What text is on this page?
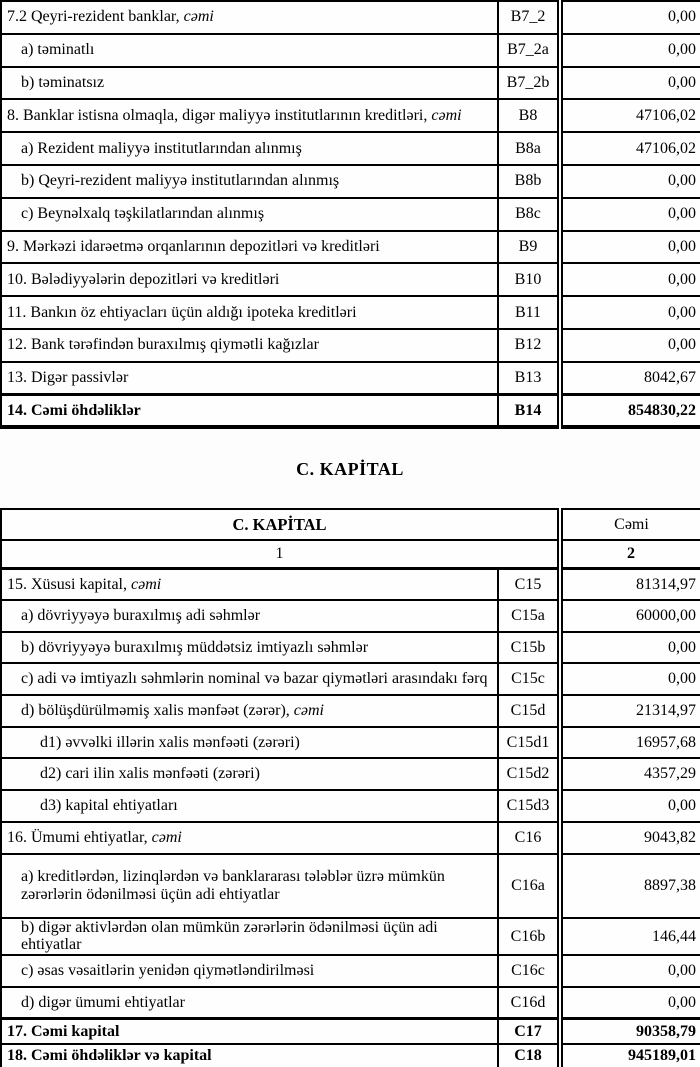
7.2 Qeyri-rezident banklar, cəmi	B7_2	0,00
a) təminatlı	B7_2a	0,00
b) təminatsız	B7_2b	0,00
8. Banklar istisna olmaqla, digər maliyyə institutlarının kreditləri, cəmi	B8	47106,02
a) Rezident maliyyə institutlarından alınmış	B8a	47106,02
b) Qeyri-rezident maliyyə institutlarından alınmış	B8b	0,00
c) Beynəlxalq təşkilatlarından alınmış	B8c	0,00
9. Mərkəzi idarəetmə orqanlarının depozitləri və kreditləri	B9	0,00
10. Bələdiyyələrin depozitləri və kreditləri	B10	0,00
11. Bankın öz ehtiyacları üçün aldığı ipoteka kreditləri	B11	0,00
12. Bank tərəfindən buraxılmış qiymətli kağızlar	B12	0,00
13. Digər passivlər	B13	8042,67
14. Cəmi öhdəliklər	B14	854830,22
C. KAPİTAL
C. KAPİTAL		Cəmi
1		2
15. Xüsusi kapital, cəmi	C15	81314,97
a) dövriyyəyə buraxılmış adi səhmlər	C15a	60000,00
b) dövriyyəyə buraxılmış müddətsiz imtiyazlı səhmlər	C15b	0,00
c) adi və imtiyazlı səhmlərin nominal və bazar qiymətləri arasındakı fərq	C15c	0,00
d) bölüşdürülməmiş xalis mənfəət (zərər), cəmi	C15d	21314,97
d1) əvvəlki illərin xalis mənfəəti (zərəri)	C15d1	16957,68
d2) cari ilin xalis mənfəəti (zərəri)	C15d2	4357,29
d3) kapital ehtiyatları	C15d3	0,00
16. Ümumi ehtiyatlar, cəmi	C16	9043,82
a) kreditlərdən, lizinqlərdən və banklararası tələblər üzrə mümkün zərərlərin ödənilməsi üçün adi ehtiyatlar	C16a	8897,38
b) digər aktivlərdən olan mümkün zərərlərin ödənilməsi üçün adi ehtiyatlar	C16b	146,44
c) əsas vəsaitlərin yenidən qiymətləndirilməsi	C16c	0,00
d) digər ümumi ehtiyatlar	C16d	0,00
17. Cəmi kapital	C17	90358,79
18. Cəmi öhdəliklər və kapital	C18	945189,01
